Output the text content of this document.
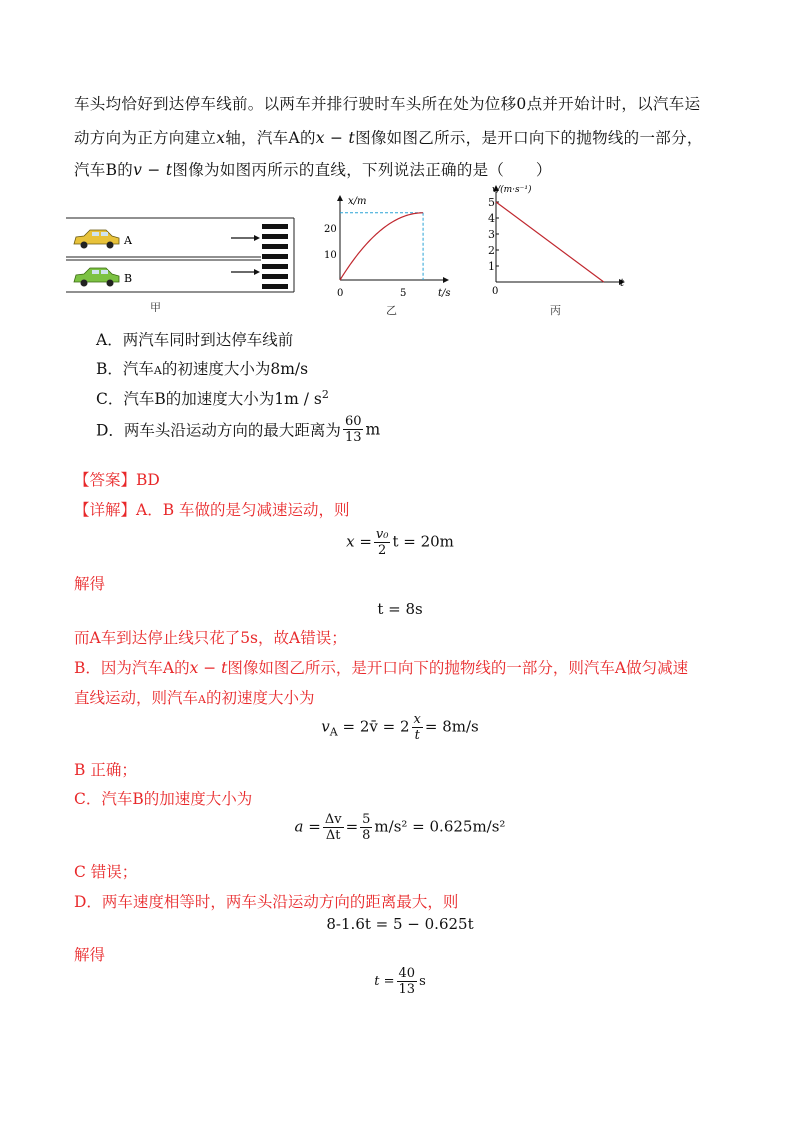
车头均恰好到达停车线前。以两车并排行驶时车头所在处为位移0点并开始计时，以汽车运
动方向为正方向建立x轴，汽车A的x − t图像如图乙所示，是开口向下的抛物线的一部分，
汽车B的v − t图像为如图丙所示的直线，下列说法正确的是（　　）
A
B
甲
x/m
t/s
20
10
0	5
乙
v/(m·s⁻¹)
t
0
丙
5
4
3
2
1
A．两汽车同时到达停车线前
B．汽车A的初速度大小为8m/s
C．汽车B的加速度大小为$1m / s^2$
D．两车头沿运动方向的最大距离为 $\frac{60}{13}$ m
【答案】BD
【详解】A．B 车做的是匀减速运动，则
$x = \frac{\text{v₀}}{2}$ t = 20m
解得
t = 8s
而A车到达停止线只花了5s，故A错误；
B．因为汽车A的x − t图像如图乙所示，是开口向下的抛物线的一部分，则汽车A做匀减速
直线运动，则汽车A的初速度大小为
$v_A$ = 2v̄ = $2 \frac{x}{t} = 8m/s$
B 正确；
C．汽车B的加速度大小为
$a = \frac{\Delta v}{\Delta t} = \frac{5}{8} m/s^2 = 0.625m/s^2$
C 错误；
D．两车速度相等时，两车头沿运动方向的距离最大，则
8-1.6t = 5 − 0.625t
解得
$t = \frac{40}{13}$ s
